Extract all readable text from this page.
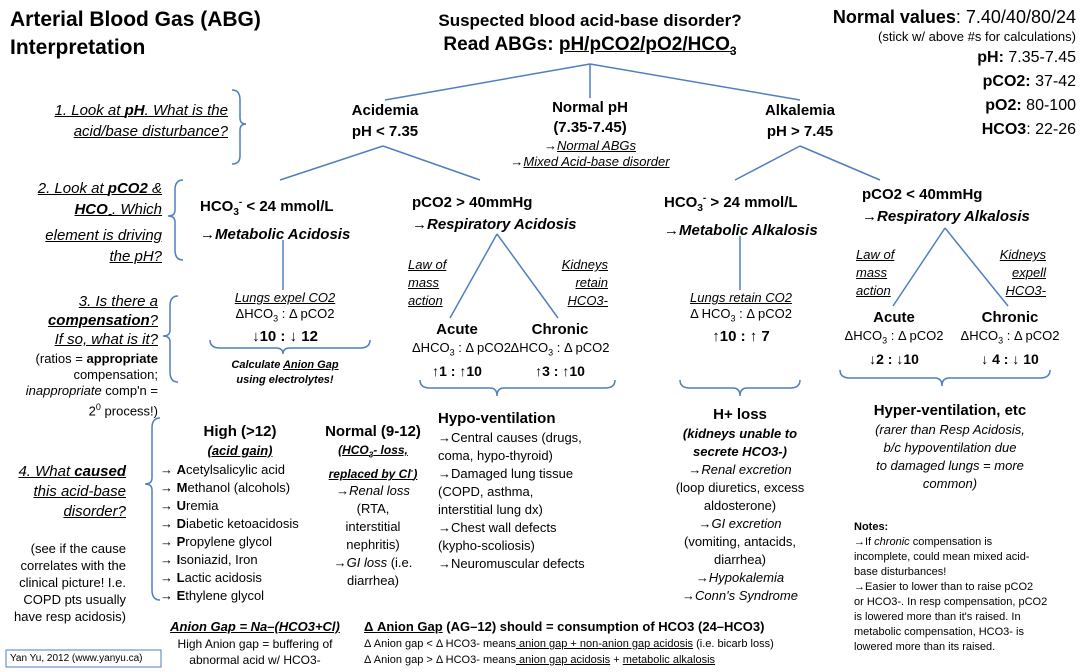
Arterial Blood Gas (ABG)
Interpretation
Suspected blood acid-base disorder?
Read ABGs: $pH/pCO2/pO2/HCO_3$
Normal values: 7.40/40/80/24
(stick w/ above #s for calculations)
pH: 7.35-7.45
pCO2: 37-42
pO2: 80-100
HCO3: 22-26
1. Look at pH. What is the
acid/base disturbance?
2. Look at pCO2 &
$HCO_-$. Which
element is driving
the pH?
3. Is there a
compensation?
If so, what is it?
(ratios = appropriate
compensation;
inappropriate comp'n =
$2^0$ process!)
4. What caused
this acid-base
disorder?
(see if the cause
correlates with the
clinical picture! I.e.
COPD pts usually
have resp acidosis)
Acidemia
pH < 7.35
Normal pH
(7.35-7.45)
→Normal ABGs
→Mixed Acid-base disorder
Alkalemia
pH > 7.45
$HCO_3^- < 24$ mmol/L
→Metabolic Acidosis
Lungs expel CO2
$\Delta HCO_3$ : Δ pCO2
↓10 : ↓ 12
Calculate Anion Gap
using electrolytes!
pCO2 > 40mmHg
→Respiratory Acidosis
Law of
mass
action
Kidneys
retain
HCO3-
Acute
$\Delta HCO_3$ : Δ pCO2
↑1 : ↑10
Chronic
$\Delta HCO_3$ : Δ pCO2
↑3 : ↑10
$HCO_3^- > 24$ mmol/L
→Metabolic Alkalosis
Lungs retain CO2
Δ $HCO_3$ : Δ pCO2
↑10 : ↑ 7
pCO2 < 40mmHg
→Respiratory Alkalosis
Law of
mass
action
Kidneys
expell
HCO3-
Acute
$\Delta HCO_3$ : Δ pCO2
↓2 : ↓10
Chronic
$\Delta HCO_3$ : Δ pCO2
↓ 4 : ↓ 10
High (>12)
(acid gain)
→ Acetylsalicylic acid
→ Methanol (alcohols)
→ Uremia
→ Diabetic ketoacidosis
→ Propylene glycol
→ Isoniazid, Iron
→ Lactic acidosis
→ Ethylene glycol
Normal (9-12)
($HCO_3-$ loss,
replaced by Cl-)
→Renal loss (RTA,
interstitial
nephritis)
→GI loss (i.e.
diarrhea)
Hypo-ventilation
→Central causes (drugs,
coma, hypo-thyroid)
→Damaged lung tissue
(COPD, asthma,
interstitial lung dx)
→Chest wall defects
(kypho-scoliosis)
→Neuromuscular defects
H+ loss
(kidneys unable to
secrete HCO3-)
→Renal excretion
(loop diuretics, excess
aldosterone)
→GI excretion
(vomiting, antacids,
diarrhea)
→Hypokalemia
→Conn's Syndrome
Hyper-ventilation, etc
(rarer than Resp Acidosis,
b/c hypoventilation due
to damaged lungs = more
common)
Notes:
→If chronic compensation is
incomplete, could mean mixed acid-
base disturbances!
→Easier to lower than to raise pCO2
or HCO3-. In resp compensation, pCO2
is lowered more than it's raised. In
metabolic compensation, HCO3- is
lowered more than its raised.
Anion Gap = Na–(HCO3+Cl)
High Anion gap = buffering of
abnormal acid w/ HCO3-
Δ Anion Gap (AG–12) should = consumption of HCO3 (24–HCO3)
Δ Anion gap < Δ HCO3- means anion gap + non-anion gap acidosis (i.e. bicarb loss)
Δ Anion gap > Δ HCO3- means anion gap acidosis + metabolic alkalosis
Yan Yu, 2012 (www.yanyu.ca)
